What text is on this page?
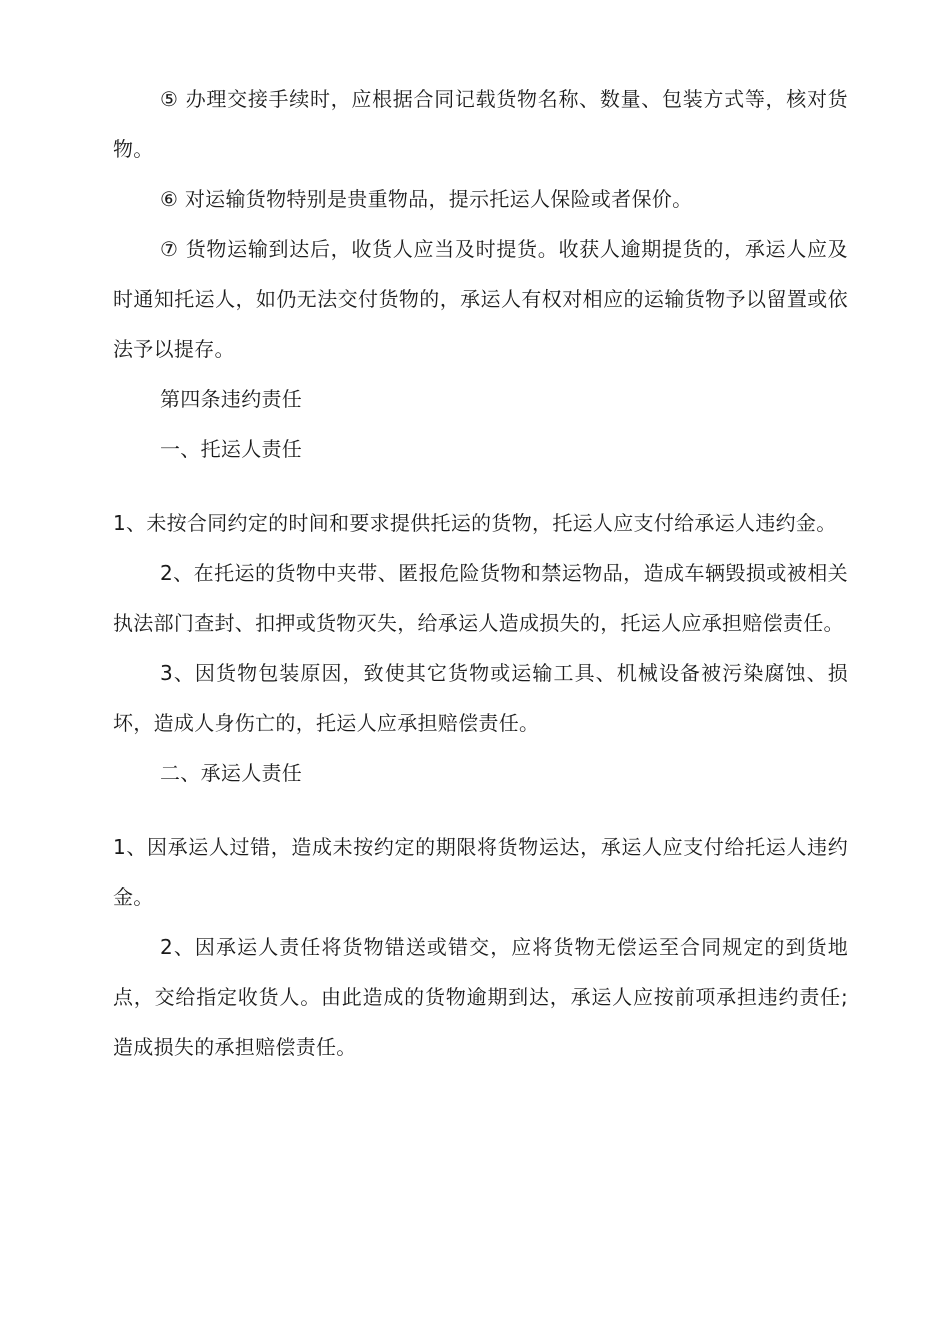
⑤ 办理交接手续时，应根据合同记载货物名称、数量、包装方式等，核对货物。

⑥ 对运输货物特别是贵重物品，提示托运人保险或者保价。

⑦ 货物运输到达后，收货人应当及时提货。收获人逾期提货的，承运人应及时通知托运人，如仍无法交付货物的，承运人有权对相应的运输货物予以留置或依法予以提存。

第四条违约责任

一、托运人责任

1、未按合同约定的时间和要求提供托运的货物，托运人应支付给承运人违约金。

2、在托运的货物中夹带、匿报危险货物和禁运物品，造成车辆毁损或被相关执法部门查封、扣押或货物灭失，给承运人造成损失的，托运人应承担赔偿责任。

3、因货物包装原因，致使其它货物或运输工具、机械设备被污染腐蚀、损坏，造成人身伤亡的，托运人应承担赔偿责任。

二、承运人责任

1、因承运人过错，造成未按约定的期限将货物运达，承运人应支付给托运人违约金。

2、因承运人责任将货物错送或错交，应将货物无偿运至合同规定的到货地点，交给指定收货人。由此造成的货物逾期到达，承运人应按前项承担违约责任;造成损失的承担赔偿责任。
